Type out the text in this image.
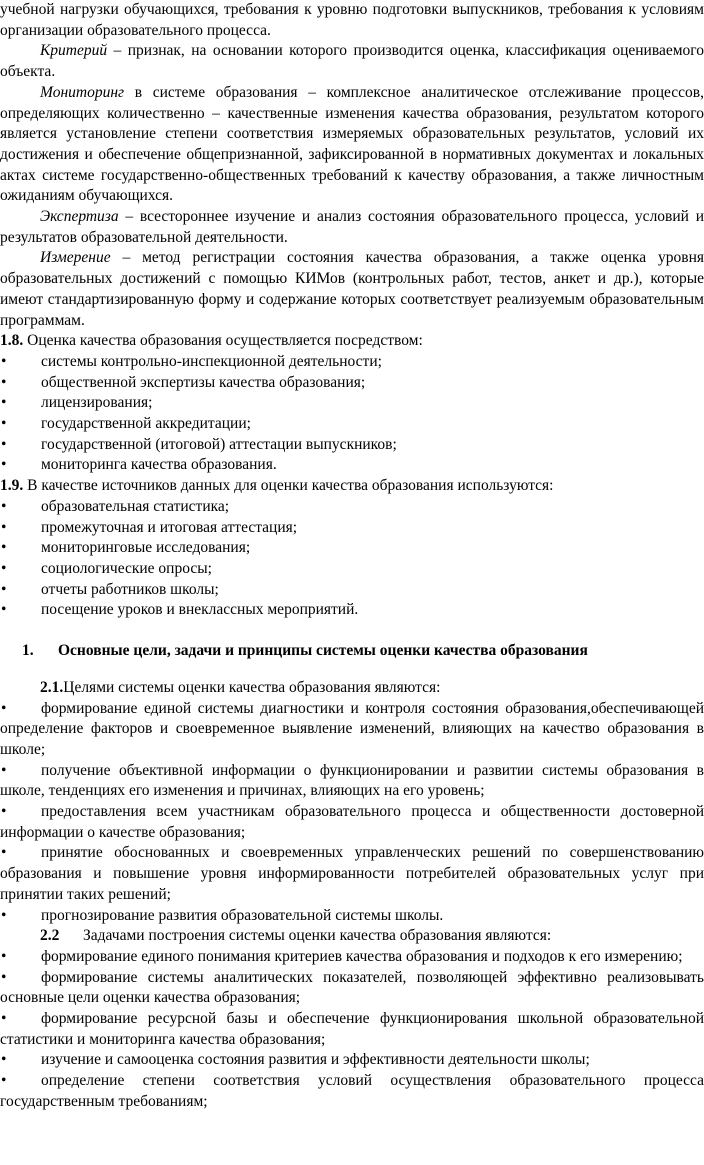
учебной нагрузки обучающихся, требования к уровню подготовки выпускников, требования к условиям организации образовательного процесса.

Критерий – признак, на основании которого производится оценка, классификация оцениваемого объекта.

Мониторинг в системе образования – комплексное аналитическое отслеживание процессов, определяющих количественно – качественные изменения качества образования, результатом которого является установление степени соответствия измеряемых образовательных результатов, условий их достижения и обеспечение общепризнанной, зафиксированной в нормативных документах и локальных актах системе государственно-общественных требований к качеству образования, а также личностным ожиданиям обучающихся.

Экспертиза – всестороннее изучение и анализ состояния образовательного процесса, условий и результатов образовательной деятельности.

Измерение – метод регистрации состояния качества образования, а также оценка уровня образовательных достижений с помощью КИМов (контрольных работ, тестов, анкет и др.), которые имеют стандартизированную форму и содержание которых соответствует реализуемым образовательным программам.

1.8. Оценка качества образования осуществляется посредством:

• системы контрольно-инспекционной деятельности;
• общественной экспертизы качества образования;
• лицензирования;
• государственной аккредитации;
• государственной (итоговой) аттестации выпускников;
• мониторинга качества образования.

1.9. В качестве источников данных для оценки качества образования используются:

• образовательная статистика;
• промежуточная и итоговая аттестация;
• мониторинговые исследования;
• социологические опросы;
• отчеты работников школы;
• посещение уроков и внеклассных мероприятий.
1. Основные цели, задачи и принципы системы оценки качества образования

2.1.Целями системы оценки качества образования являются:

• формирование единой системы диагностики и контроля состояния образования,обеспечивающей определение факторов и своевременное выявление изменений, влияющих на качество образования в школе;
• получение объективной информации о функционировании и развитии системы образования в школе, тенденциях его изменения и причинах, влияющих на его уровень;
• предоставления всем участникам образовательного процесса и общественности достоверной информации о качестве образования;
• принятие обоснованных и своевременных управленческих решений по совершенствованию образования и повышение уровня информированности потребителей образовательных услуг при принятии таких решений;
• прогнозирование развития образовательной системы школы.

2.2 Задачами построения системы оценки качества образования являются:

• формирование единого понимания критериев качества образования и подходов к его измерению;
• формирование системы аналитических показателей, позволяющей эффективно реализовывать основные цели оценки качества образования;
• формирование ресурсной базы и обеспечение функционирования школьной образовательной статистики и мониторинга качества образования;
• изучение и самооценка состояния развития и эффективности деятельности школы;
• определение степени соответствия условий осуществления образовательного процесса государственным требованиям;
